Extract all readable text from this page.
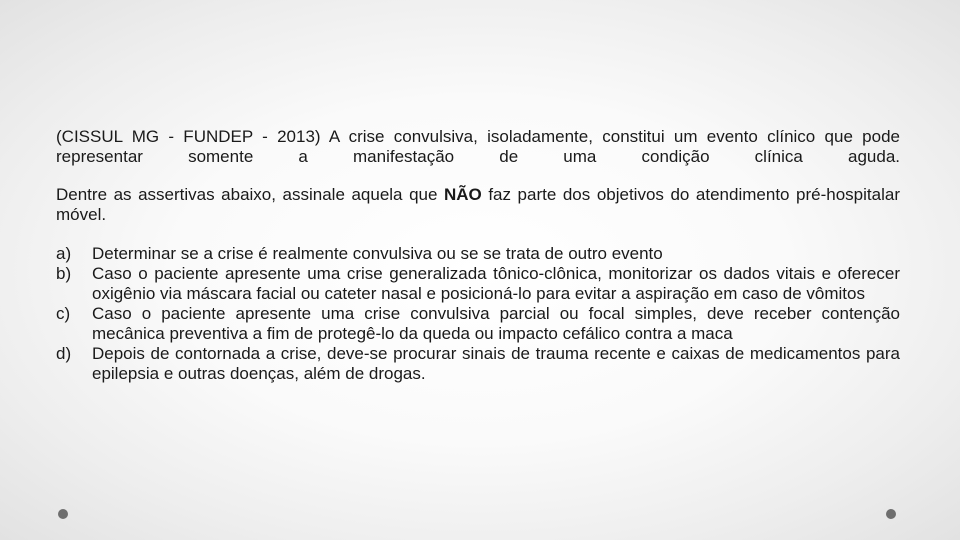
(CISSUL MG - FUNDEP - 2013) A crise convulsiva, isoladamente, constitui um evento clínico que pode representar somente a manifestação de uma condição clínica aguda.

Dentre as assertivas abaixo, assinale aquela que NÃO faz parte dos objetivos do atendimento pré-hospitalar móvel.

a) Determinar se a crise é realmente convulsiva ou se se trata de outro evento
b) Caso o paciente apresente uma crise generalizada tônico-clônica, monitorizar os dados vitais e oferecer oxigênio via máscara facial ou cateter nasal e posicioná-lo para evitar a aspiração em caso de vômitos
c) Caso o paciente apresente uma crise convulsiva parcial ou focal simples, deve receber contenção mecânica preventiva a fim de protegê-lo da queda ou impacto cefálico contra a maca
d) Depois de contornada a crise, deve-se procurar sinais de trauma recente e caixas de medicamentos para epilepsia e outras doenças, além de drogas.
